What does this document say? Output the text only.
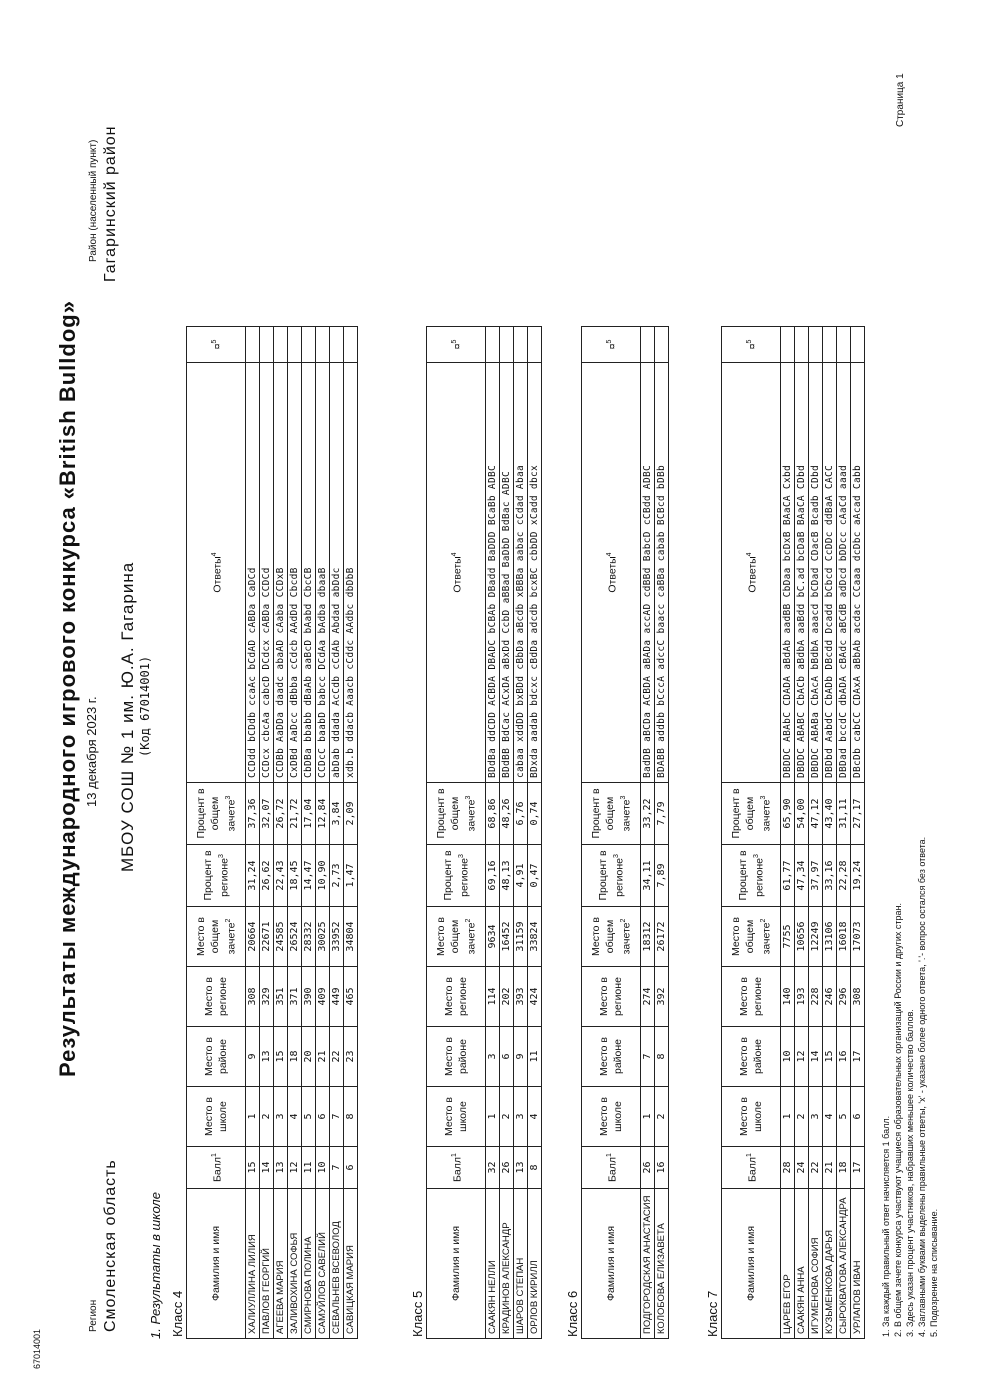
67014001
Регион Смоленская область
Результаты международного игрового конкурса «British Bulldog» 13 декабря 2023 г.
Район (населенный пункт) Гагаринский район
МБОУ СОШ № 1 им. Ю.А. Гагарина (Код 67014001)
1. Результаты в школе Класс 4
Фамилия и имя	Балл$^1$	Место в школе	Место в районе	Место в регионе	Место в общем зачете$^2$	Процент в регионе$^3$	Процент в общем зачете$^3$	Ответы$^4$	¤$^5$
ХАЛИУЛЛИНА ЛИЛИЯ	15	1	9	308	20664	31,24	37,36	CCDdd bCDdb ccaAc bCdAD cABDa CaDCd	
ПАВЛОВ ГЕОРГИЙ	14	2	13	329	22671	26,62	32,07	CCDcx cbcAa cabcD DCdcx cABDa CCDCd	
АГЕЕВА МАРИЯ	13	3	15	351	24585	22,43	26,72	CCDBb AaDDa daadc abaAD cAaba CCDxB	
ЗАЛИВОХИНА СОФЬЯ	12	4	18	371	26524	18,45	21,72	CxDBd AaDcc dBbba cCdcb AAdDd CbcdB	
СМИРНОВА ПОЛИНА	11	5	20	390	28332	14,47	17,04	CbDBa bbabb dBaAb aaBcD bAabd CbcCB	
САМУЙЛОВ САВЕЛИЙ	10	6	21	409	30025	10,90	12,84	CCDcC baabD babcc DCdAa bAdba dbaaB	
СЕВАЛЬНЕВ ВСЕВОЛОД	7	7	22	449	33952	2,73	3,84	abDab ddada AcCdb cCdAb Abdad abDdc	
САВИЦКАЯ МАРИЯ	6	8	23	465	34804	1,47	2,09	xdb.b ddacb Aaacb cCddc AAdbc dbDbB	
Класс 5
Фамилия и имя	Балл$^1$	Место в школе	Место в районе	Место в регионе	Место в общем зачете$^2$	Процент в регионе$^3$	Процент в общем зачете$^3$	Ответы$^4$	¤$^5$
СААКЯН НЕЛЛИ	32	1	3	114	9634	69,16	68,86	BDdBa ddCDD ACBDA DBADC bCBAb DBadd BaDDD BCaBb ADBC	
КРАДИНОВ АЛЕКСАНДР	26	2	6	202	16452	48,13	48,26	BDdBB BdCac ACxDA aBxDd CcbD aBBad BaDbD BdBac ADBC	
ШАРОВ СТЕПАН	13	3	9	393	31159	4,91	6,76	cabaa xddDD bxBDd cBbDa aBcdb xBBBa aabac cCdad Abaa	
ОРЛОВ КИРИЛЛ	8	4	11	424	33824	0,47	0,74	BDxda aadab bdcxc cBdDa adcdb bcxBC cbbDD xCadd dbcx	
Класс 6
Фамилия и имя	Балл$^1$	Место в школе	Место в районе	Место в регионе	Место в общем зачете$^2$	Процент в регионе$^3$	Процент в общем зачете$^3$	Ответы$^4$	¤$^5$
ПОДГОРОДСКАЯ АНАСТАСИЯ	26	1	7	274	18312	34,11	33,22	BadDB aBCDa ACBDA aBADa accAD cdBBd BabcD cCBdd ADBC	
КОЛОБОВА ЕЛИЗАВЕТА	16	2	8	392	26172	7,89	7,79	BDABB addbb bCccA adccC baacc caBBa cabab BCBcd bDBb	
Класс 7
Фамилия и имя	Балл$^1$	Место в школе	Место в районе	Место в регионе	Место в общем зачете$^2$	Процент в регионе$^3$	Процент в общем зачете$^3$	Ответы$^4$	¤$^5$
ЦАРЕВ ЕГОР	28	1	10	140	7755	61,77	65,90	DBDDC ABAbC CDADA aBdAb aadBB CbDaa bcDxB BAaCA Cxbd	
СААКЯН АННА	24	2	12	193	10656	47,34	54,00	DBDDC ABABC CbACb aBdbA aaBdd bC.ad bcDaB BAaCA CDbd	
ИГУМЕНОВА СОФИЯ	22	3	14	228	12249	37,97	47,12	DBDDC ABABa CbAcA bBdbA aaacd bCDad CDacB Bcadb CDbd	
КУЗЬМЕНКОВА ДАРЬЯ	21	4	15	246	13106	33,16	43,40	DBDbd AabdC CbADb DBcdd Dcadd bCbcd CcDDc ddBaA CACC	
СЫРОКВАТОВА АЛЕКСАНДРА	18	5	16	296	16018	22,28	31,11	DBDad bccdC dbADA cBAdc aBCdB adDcd bDDcc cAaCd aaad	
УРЛАПОВ ИВАН	17	6	17	308	17073	19,24	27,17	DBcDb cabCC CDAxA aBbAb acdac CCaaa dcDbc aAcad Cabb	
1. За каждый правильный ответ начисляется 1 балл. 2. В общем зачете конкурса участвуют учащиеся образовательных организаций России и других стран. 3. Здесь указан процент участников, набравших меньшее количество баллов. 4. Заглавными буквами выделены правильные ответы, 'x' - указано более одного ответа, '.'- вопрос остался без ответа. 5. Подозрение на списывание.
Страница 1
